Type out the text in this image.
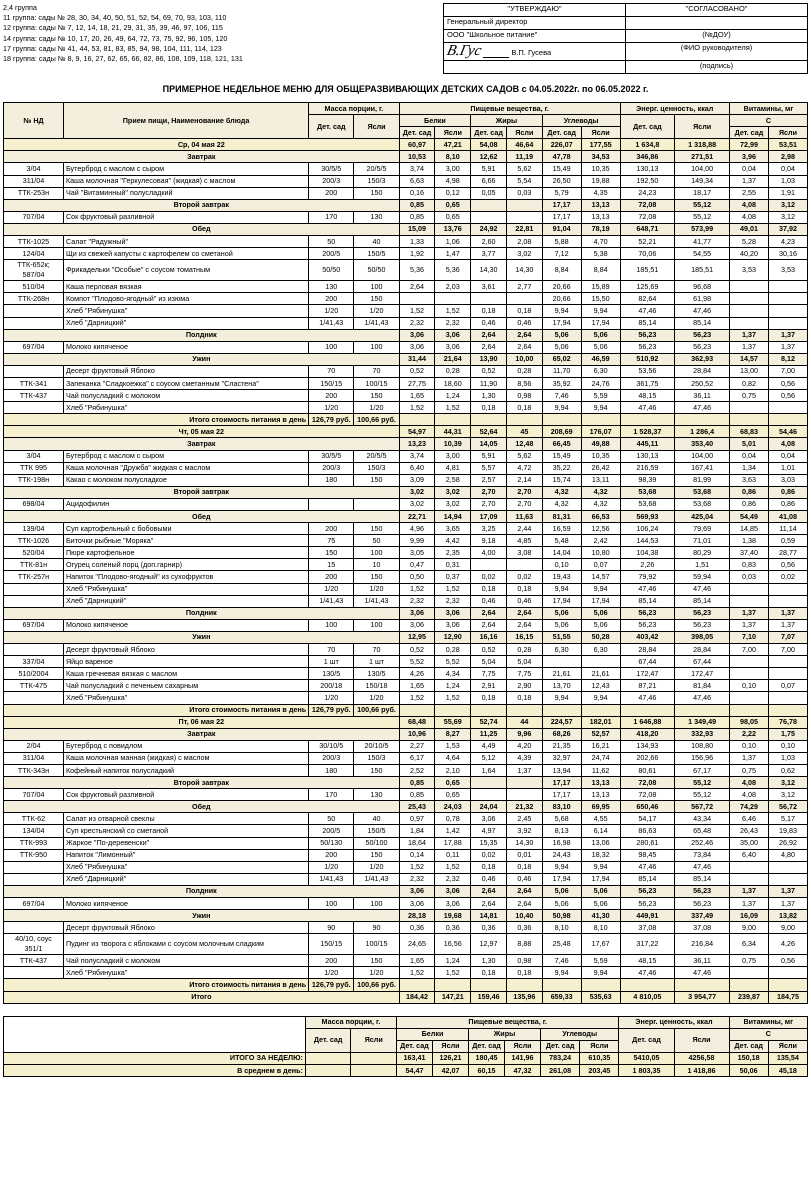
2,4 группа
11 группа: сады № 28, 30, 34, 40, 50, 51, 52, 54, 69, 70, 93, 103, 110
12 группа: сады № 7, 12, 14, 18, 21, 29, 31, 35, 39, 46, 97, 106, 115
14 группа: сады № 10, 17, 20, 26, 49, 64, 72, 73, 75, 92, 96, 105, 120
17 группа: сады № 41, 44, 53, 81, 83, 85, 94, 98, 104, 111, 114, 123
18 группа: сады № 8, 9, 16, 27, 62, 65, 66, 82, 86, 108, 109, 118, 121, 131

"УТВЕРЖДАЮ"	"СОГЛАСОВАНО"
Генеральный директор	
ООО "Школьное питание"	(№ДОУ)
В.Гус	В.П. Гусева	(ФИО руководителя)
	(подпись)
ПРИМЕРНОЕ НЕДЕЛЬНОЕ МЕНЮ ДЛЯ ОБЩЕРАЗВИВАЮЩИХ ДЕТСКИХ САДОВ с 04.05.2022г. по 06.05.2022 г.
№ НД	Прием пищи, Наименование блюда	Масса порции, г.		Пищевые вещества, г.						Энерг. ценность, ккал		Витамины, мг	
		Дет. сад	Ясли	Белки		Жиры		Углеводы		Дет. сад	Ясли	С	
				Дет. сад	Ясли	Дет. сад	Ясли	Дет. сад	Ясли			Дет. сад	Ясли
Ср, 04 мая 22				60,97	47,21	54,08	46,64	226,07	177,55	1 634,8	1 318,88	72,99	53,51
Завтрак				10,53	8,10	12,62	11,19	47,78	34,53	346,86	271,51	3,96	2,98
3/04	Бутерброд с маслом с сыром	30/5/5	20/5/5	3,74	3,00	5,91	5,62	15,49	10,35	130,13	104,00	0,04	0,04
311/04	Каша молочная "Геркулесовая" (жидкая) с маслом	200/3	150/3	6,63	4,98	6,66	5,54	26,50	19,88	192,50	149,34	1,37	1,03
ТТК-253н	Чай "Витаминный" полусладкий	200	150	0,16	0,12	0,05	0,03	5,79	4,35	24,23	18,17	2,55	1,91
Второй завтрак				0,85	0,65			17,17	13,13	72,08	55,12	4,08	3,12
707/04	Сок фруктовый разливной	170	130	0,85	0,65			17,17	13,13	72,08	55,12	4,08	3,12
Обед				15,09	13,76	24,92	22,81	91,04	78,19	648,71	573,99	49,01	37,92
ТТК-1025	Салат "Радужный"	50	40	1,33	1,06	2,60	2,08	5,88	4,70	52,21	41,77	5,28	4,23
124/04	Щи из свежей капусты с картофелем со сметаной	200/5	150/5	1,92	1,47	3,77	3,02	7,12	5,38	70,06	54,55	40,20	30,16
ТТК-652к; 587/04	Фрикадельки "Особые" с соусом томатным	50/50	50/50	5,36	5,36	14,30	14,30	8,84	8,84	185,51	185,51	3,53	3,53
510/04	Каша перловая вязкая	130	100	2,64	2,03	3,61	2,77	20,66	15,89	125,69	96,68		
ТТК-268н	Компот "Плодово-ягодный" из изюма	200	150					20,66	15,50	82,64	61,98		
	Хлеб "Рябинушка"	1/20	1/20	1,52	1,52	0,18	0,18	9,94	9,94	47,46	47,46		
	Хлеб "Дарницкий"	1/41,43	1/41,43	2,32	2,32	0,46	0,46	17,94	17,94	85,14	85,14		
Полдник				3,06	3,06	2,64	2,64	5,06	5,06	56,23	56,23	1,37	1,37
697/04	Молоко кипяченое	100	100	3,06	3,06	2,64	2,64	5,06	5,06	56,23	56,23	1,37	1,37
Ужин				31,44	21,64	13,90	10,00	65,02	46,59	510,92	362,93	14,57	8,12
	Десерт фруктовый Яблоко	70	70	0,52	0,28	0,52	0,28	11,70	6,30	53,56	28,84	13,00	7,00
ТТК-341	Запеканка "Сладкоежка" с соусом сметанным "Сластена"	150/15	100/15	27,75	18,60	11,90	8,56	35,92	24,76	361,75	250,52	0,82	0,56
ТТК-437	Чай полусладкий с молоком	200	150	1,65	1,24	1,30	0,98	7,46	5,59	48,15	36,11	0,75	0,56
	Хлеб "Рябинушка"	1/20	1/20	1,52	1,52	0,18	0,18	9,94	9,94	47,46	47,46		
Итого стоимость питания в день		126,79 руб.	100,66 руб.										
Чт, 05 мая 22				54,97	44,31	52,64	45	208,69	176,07	1 528,37	1 286,4	68,83	54,46
Завтрак				13,23	10,39	14,05	12,48	66,45	49,88	445,11	353,40	5,01	4,08
3/04	Бутерброд с маслом с сыром	30/5/5	20/5/5	3,74	3,00	5,91	5,62	15,49	10,35	130,13	104,00	0,04	0,04
ТТК 995	Каша молочная "Дружба" жидкая с маслом	200/3	150/3	6,40	4,81	5,57	4,72	35,22	26,42	216,59	167,41	1,34	1,01
ТТК-198н	Какао с молоком полусладкое	180	150	3,09	2,58	2,57	2,14	15,74	13,11	98,39	81,99	3,63	3,03
Второй завтрак				3,02	3,02	2,70	2,70	4,32	4,32	53,68	53,68	0,86	0,86
698/04	Ацидофилин			3,02	3,02	2,70	2,70	4,32	4,32	53,68	53,68	0,86	0,86
Обед				22,71	14,94	17,09	11,63	81,31	66,53	569,93	425,04	54,49	41,08
139/04	Суп картофельный с бобовыми	200	150	4,96	3,65	3,25	2,44	16,59	12,56	106,24	79,69	14,85	11,14
ТТК-1026	Биточки рыбные "Моряка"	75	50	9,99	4,42	9,18	4,85	5,48	2,42	144,53	71,01	1,38	0,59
520/04	Пюре картофельное	150	100	3,05	2,35	4,00	3,08	14,04	10,80	104,38	80,29	37,40	28,77
ТТК-81н	Огурец соленый порц (доп.гарнир)	15	10	0,47	0,31			0,10	0,07	2,26	1,51	0,83	0,56
ТТК-257н	Напиток "Плодово-ягодный" из сухофруктов	200	150	0,50	0,37	0,02	0,02	19,43	14,57	79,92	59,94	0,03	0,02
	Хлеб "Рябинушка"	1/20	1/20	1,52	1,52	0,18	0,18	9,94	9,94	47,46	47,46		
	Хлеб "Дарницкий"	1/41,43	1/41,43	2,32	2,32	0,46	0,46	17,94	17,94	85,14	85,14		
Полдник				3,06	3,06	2,64	2,64	5,06	5,06	56,23	56,23	1,37	1,37
697/04	Молоко кипяченое	100	100	3,06	3,06	2,64	2,64	5,06	5,06	56,23	56,23	1,37	1,37
Ужин				12,95	12,90	16,16	16,15	51,55	50,28	403,42	398,05	7,10	7,07
	Десерт фруктовый Яблоко	70	70	0,52	0,28	0,52	0,28	6,30	6,30	28,84	28,84	7,00	7,00
337/04	Яйцо вареное	1 шт	1 шт	5,52	5,52	5,04	5,04			67,44	67,44		
510/2004	Каша гречневая вязкая с маслом	130/5	130/5	4,26	4,34	7,75	7,75	21,61	21,61	172,47	172,47		
ТТК-475	Чай полусладкий с печеньем сахарным	200/18	150/18	1,65	1,24	2,91	2,90	13,70	12,43	87,21	81,84	0,10	0,07
	Хлеб "Рябинушка"	1/20	1/20	1,52	1,52	0,18	0,18	9,94	9,94	47,46	47,46		
Итого стоимость питания в день		126,79 руб.	100,66 руб.										
Пт, 06 мая 22				68,48	55,69	52,74	44	224,57	182,01	1 646,88	1 349,49	98,05	76,78
Завтрак				10,96	8,27	11,25	9,96	68,26	52,57	418,20	332,93	2,22	1,75
2/04	Бутерброд с повидлом	30/10/5	20/10/5	2,27	1,53	4,49	4,20	21,35	16,21	134,93	108,80	0,10	0,10
311/04	Каша молочная манная (жидкая) с маслом	200/3	150/3	6,17	4,64	5,12	4,39	32,97	24,74	202,66	156,96	1,37	1,03
ТТК-343н	Кофейный напиток полусладкий	180	150	2,52	2,10	1,64	1,37	13,94	11,62	80,61	67,17	0,75	0,62
Второй завтрак				0,85	0,65			17,17	13,13	72,08	55,12	4,08	3,12
707/04	Сок фруктовый разливной	170	130	0,85	0,65			17,17	13,13	72,08	55,12	4,08	3,12
Обед				25,43	24,03	24,04	21,32	83,10	69,95	650,46	567,72	74,29	56,72
ТТК-62	Салат из отварной свеклы	50	40	0,97	0,78	3,06	2,45	5,68	4,55	54,17	43,34	6,46	5,17
134/04	Суп крестьянский со сметаной	200/5	150/5	1,84	1,42	4,97	3,92	8,13	6,14	86,63	65,48	26,43	19,83
ТТК-993	Жаркое "По-деревенски"	50/130	50/100	18,64	17,88	15,35	14,30	16,98	13,06	280,61	252,46	35,00	26,92
ТТК-950	Напиток "Лимонный"	200	150	0,14	0,11	0,02	0,01	24,43	18,32	98,45	73,84	6,40	4,80
	Хлеб "Рябинушка"	1/20	1/20	1,52	1,52	0,18	0,18	9,94	9,94	47,46	47,46		
	Хлеб "Дарницкий"	1/41,43	1/41,43	2,32	2,32	0,46	0,46	17,94	17,94	85,14	85,14		
Полдник				3,06	3,06	2,64	2,64	5,06	5,06	56,23	56,23	1,37	1,37
697/04	Молоко кипяченое	100	100	3,06	3,06	2,64	2,64	5,06	5,06	56,23	56,23	1,37	1,37
Ужин				28,18	19,68	14,81	10,40	50,98	41,30	449,91	337,49	16,09	13,82
	Десерт фруктовый Яблоко	90	90	0,36	0,36	0,36	0,36	8,10	8,10	37,08	37,08	9,00	9,00
40/10, соус 351/1	Пудинг из творога с яблоками с соусом молочным сладким	150/15	100/15	24,65	16,56	12,97	8,88	25,48	17,67	317,22	216,84	6,34	4,26
ТТК-437	Чай полусладкий с молоком	200	150	1,65	1,24	1,30	0,98	7,46	5,59	48,15	36,11	0,75	0,56
	Хлеб "Рябинушка"	1/20	1/20	1,52	1,52	0,18	0,18	9,94	9,94	47,46	47,46		
Итого стоимость питания в день		126,79 руб.	100,66 руб.										
Итого				184,42	147,21	159,46	135,96	659,33	535,63	4 810,05	3 954,77	239,87	184,75
	Масса порции, г.		Пищевые вещества, г.						Энерг. ценность, ккал		Витамины, мг	
	Дет. сад	Ясли	Белки		Жиры		Углеводы		Дет. сад	Ясли	С	
			Дет. сад	Ясли	Дет. сад	Ясли	Дет. сад	Ясли			Дет. сад	Ясли
ИТОГО ЗА НЕДЕЛЮ:			163,41	126,21	180,45	141,96	783,24	610,35	5410,05	4256,58	150,18	135,54
В среднем в день:			54,47	42,07	60,15	47,32	261,08	203,45	1 803,35	1 418,86	50,06	45,18
